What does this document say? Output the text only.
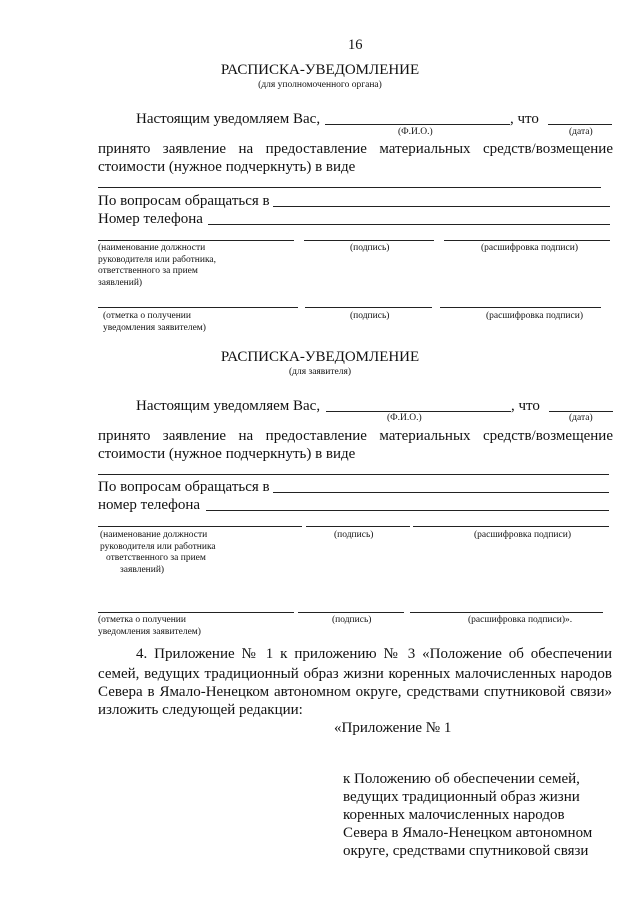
16
РАСПИСКА-УВЕДОМЛЕНИЕ
(для уполномоченного органа)
Настоящим уведомляем Вас,	, что
(Ф.И.О.)	(дата)
принято заявление на предоставление материальных средств/возмещение
стоимости (нужное подчеркнуть) в виде
По вопросам обращаться в
Номер телефона
(наименование должности
руководителя или работника,
ответственного за прием
заявлений)
(подпись)	(расшифровка подписи)
(отметка о получении
уведомления заявителем)
(подпись)	(расшифровка подписи)
РАСПИСКА-УВЕДОМЛЕНИЕ
(для заявителя)
Настоящим уведомляем Вас,	, что
(Ф.И.О.)	(дата)
принято заявление на предоставление материальных средств/возмещение
стоимости (нужное подчеркнуть) в виде
По вопросам обращаться в
номер телефона
(наименование должности
руководителя или работника
ответственного за прием
заявлений)
(подпись)	(расшифровка подписи)
(отметка о получении
уведомления заявителем)
(подпись)	(расшифровка подписи)».
4. Приложение № 1 к приложению № 3 «Положение об обеспечении
семей, ведущих традиционный образ жизни коренных малочисленных народов
Севера в Ямало-Ненецком автономном округе, средствами спутниковой связи»
изложить следующей редакции:
«Приложение № 1
к Положению об обеспечении семей,
ведущих традиционный образ жизни
коренных малочисленных народов
Севера в Ямало-Ненецком автономном
округе, средствами спутниковой связи
